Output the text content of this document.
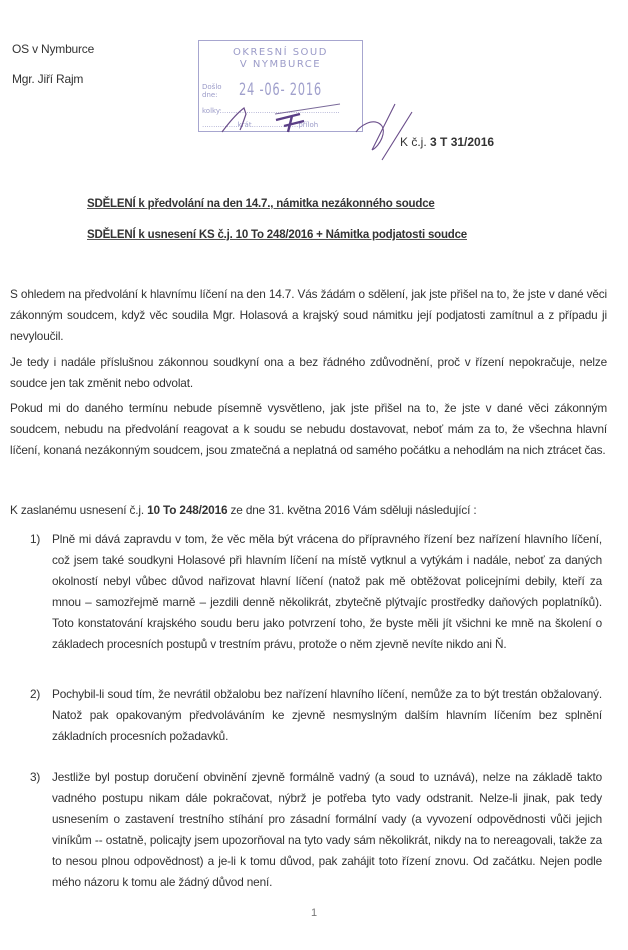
OS v Nymburce
Mgr. Jiří Rajm
OKRESNÍ SOUD
V NYMBURCE
Došlo
dne: 24 -06- 2016
kolky:.....................................................
................krát.....................příloh
K č.j. 3 T 31/2016
SDĚLENÍ k předvolání na den 14.7., námitka nezákonného soudce
SDĚLENÍ k usnesení KS č.j. 10 To 248/2016 + Námitka podjatosti soudce
S ohledem na předvolání k hlavnímu líčení na den 14.7. Vás žádám o sdělení, jak jste přišel na to, že jste v dané věci zákonným soudcem, když věc soudila Mgr. Holasová a krajský soud námitku její podjatosti zamítnul a z případu ji nevyloučil.
Je tedy i nadále příslušnou zákonnou soudkyní ona a bez řádného zdůvodnění, proč v řízení nepokračuje, nelze soudce jen tak změnit nebo odvolat.
Pokud mi do daného termínu nebude písemně vysvětleno, jak jste přišel na to, že jste v dané věci zákonným soudcem, nebudu na předvolání reagovat a k soudu se nebudu dostavovat, neboť mám za to, že všechna hlavní líčení, konaná nezákonným soudcem, jsou zmatečná a neplatná od samého počátku a nehodlám na nich ztrácet čas.
K zaslanému usnesení č.j. 10 To 248/2016 ze dne 31. května 2016 Vám sděluji následující :
1) Plně mi dává zapravdu v tom, že věc měla být vrácena do přípravného řízení bez nařízení hlavního líčení, což jsem také soudkyni Holasové při hlavním líčení na místě vytknul a vytýkám i nadále, neboť za daných okolností nebyl vůbec důvod nařizovat hlavní líčení (natož pak mě obtěžovat policejními debily, kteří za mnou – samozřejmě marně – jezdili denně několikrát, zbytečně plýtvajíc prostředky daňových poplatníků). Toto konstatování krajského soudu beru jako potvrzení toho, že byste měli jít všichni ke mně na školení o základech procesních postupů v trestním právu, protože o něm zjevně nevíte nikdo ani Ň.
2) Pochybil-li soud tím, že nevrátil obžalobu bez nařízení hlavního líčení, nemůže za to být trestán obžalovaný. Natož pak opakovaným předvoláváním ke zjevně nesmyslným dalším hlavním líčením bez splnění základních procesních požadavků.
3) Jestliže byl postup doručení obvinění zjevně formálně vadný (a soud to uznává), nelze na základě takto vadného postupu nikam dále pokračovat, nýbrž je potřeba tyto vady odstranit. Nelze-li jinak, pak tedy usnesením o zastavení trestního stíhání pro zásadní formální vady (a vyvození odpovědnosti vůči jejich viníkům -- ostatně, policajty jsem upozorňoval na tyto vady sám několikrát, nikdy na to nereagovali, takže za to nesou plnou odpovědnost) a je-li k tomu důvod, pak zahájit toto řízení znovu. Od začátku. Nejen podle mého názoru k tomu ale žádný důvod není.
1
